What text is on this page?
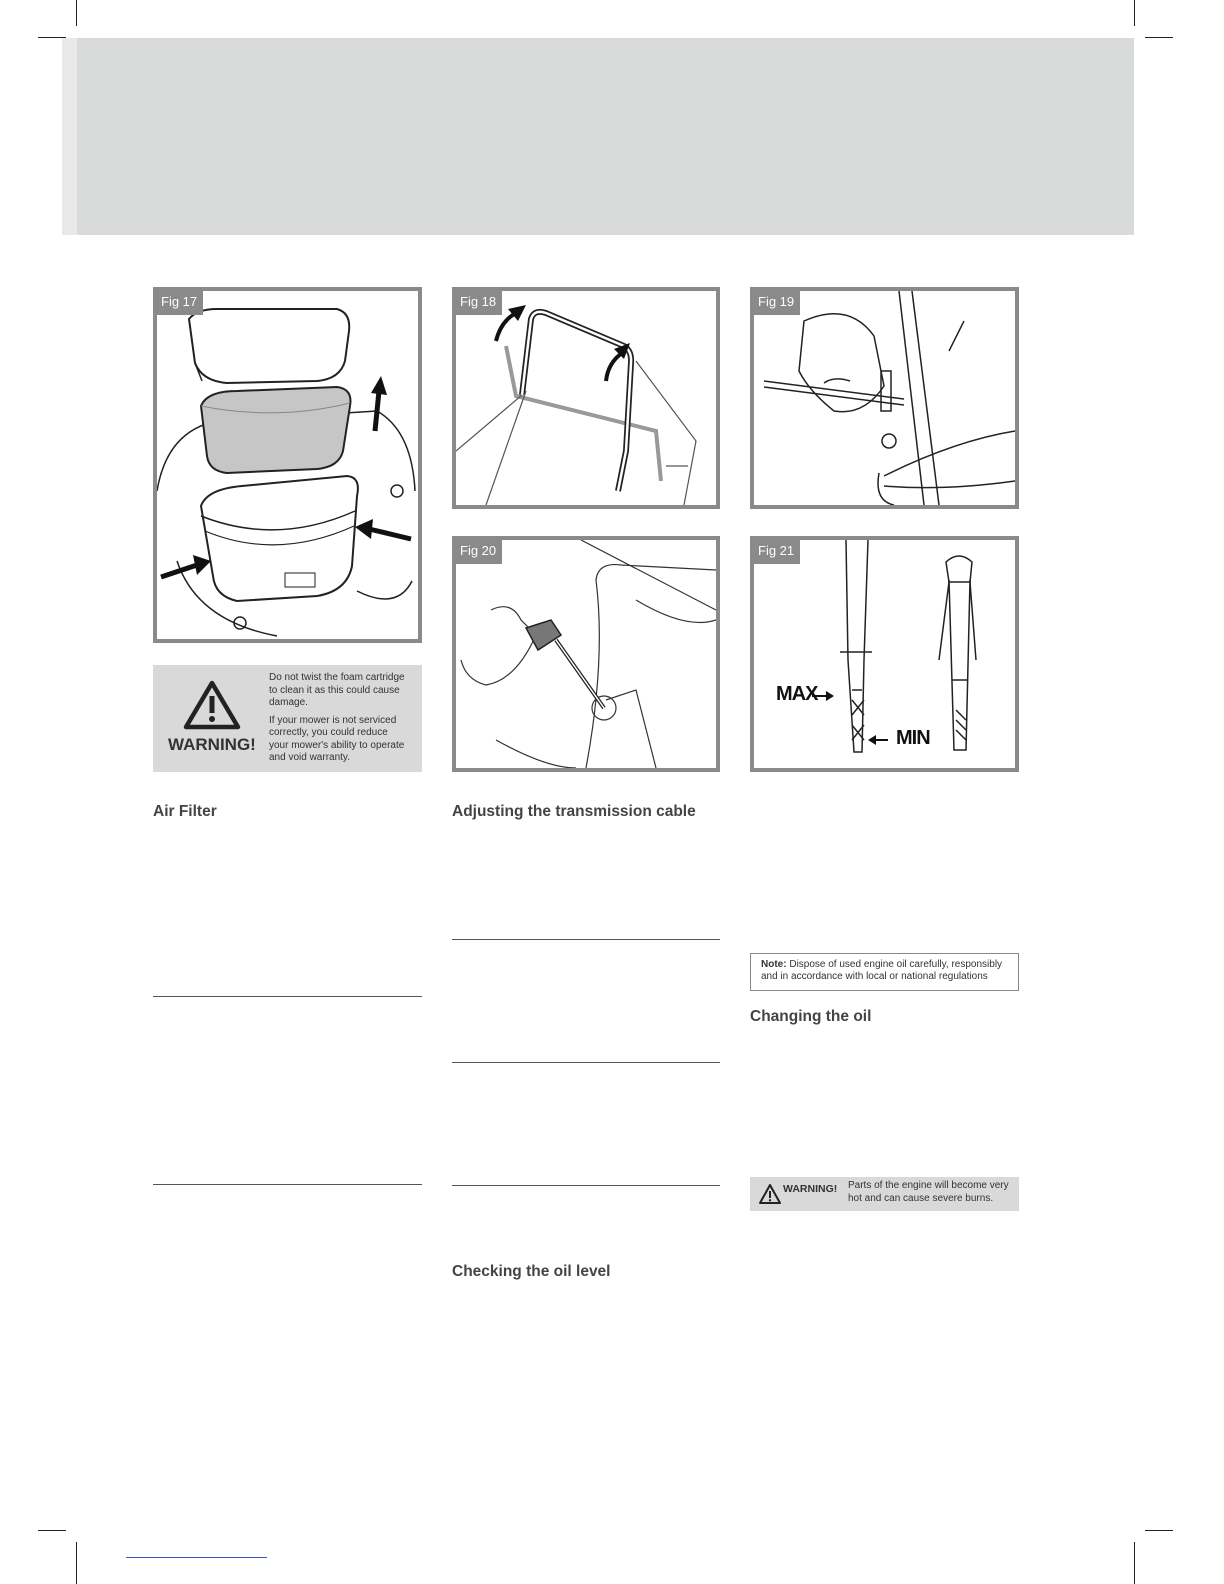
Fig 17	Fig 18	Fig 19
Fig 20	Fig 21
MAX
MIN
WARNING!

Do not twist the foam cartridge to clean it as this could cause damage.

If your mower is not serviced correctly, you could reduce your mower's ability to operate and void warranty.

Air Filter	Adjusting the transmission cable
Checking the oil level
Changing the oil
Note: Dispose of used engine oil carefully, responsibly and in accordance with local or national regulations
WARNING! Parts of the engine will become very hot and can cause severe burns.
